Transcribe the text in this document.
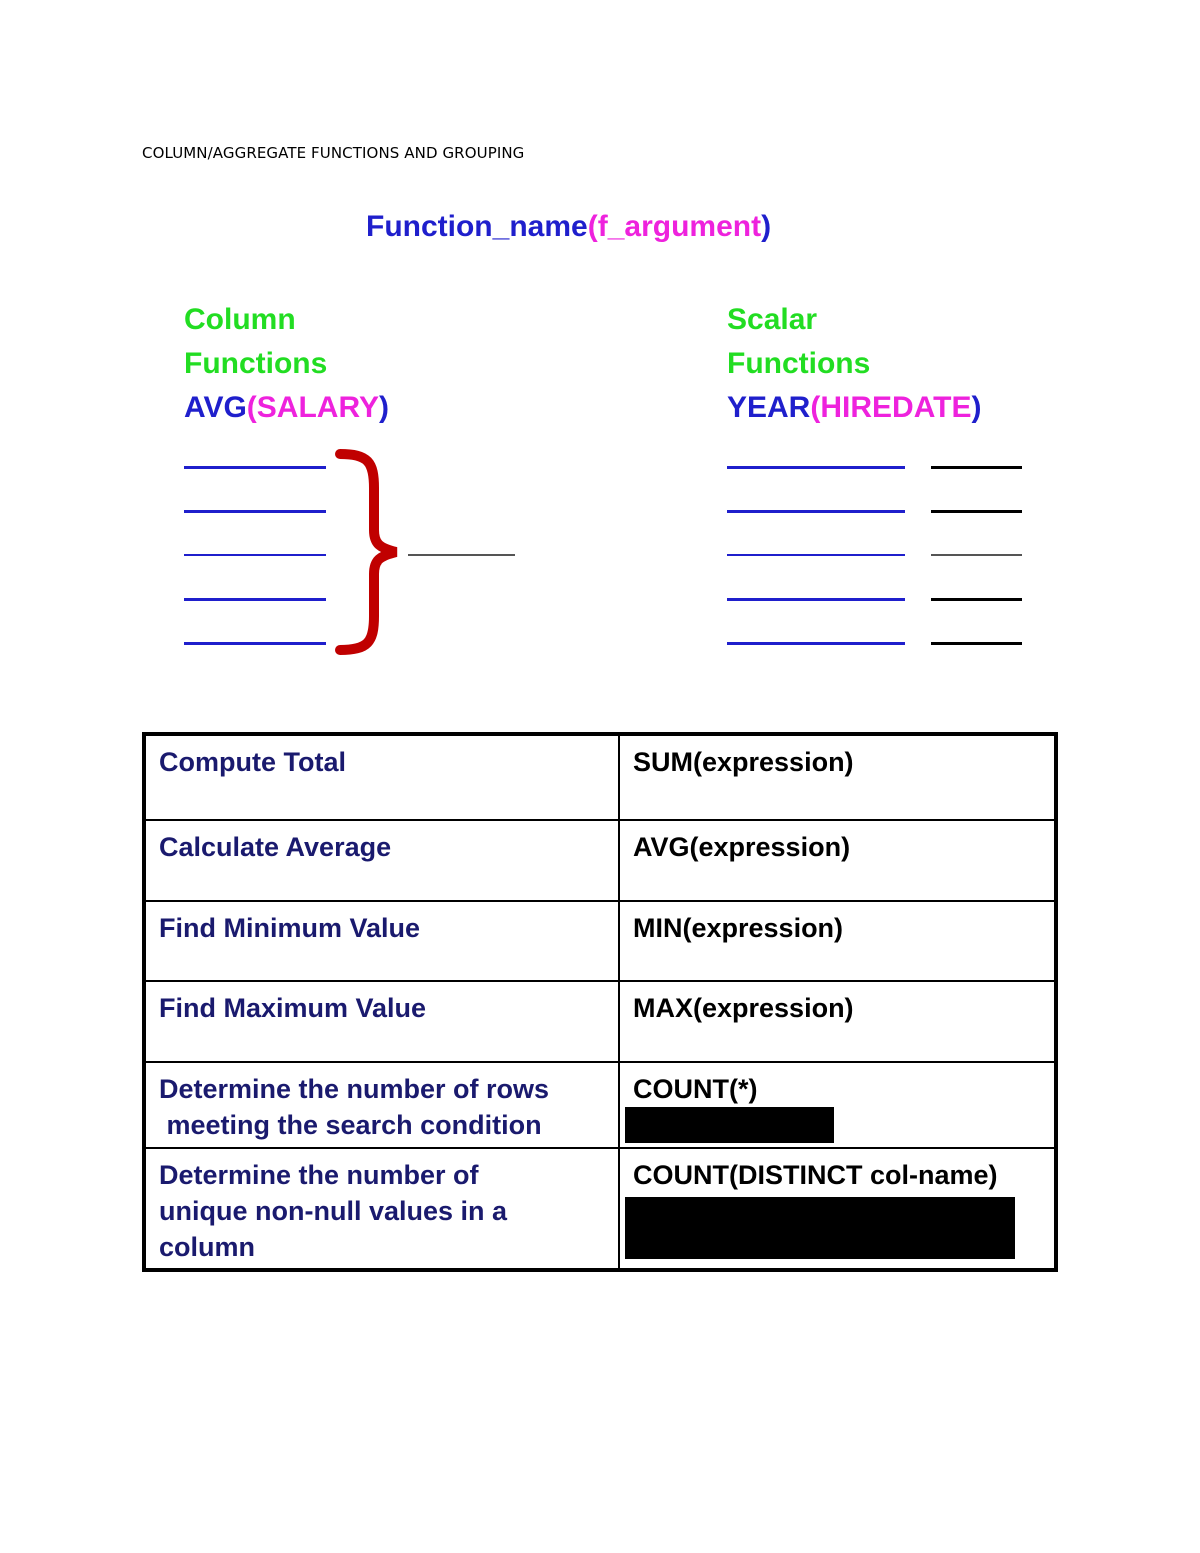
COLUMN/AGGREGATE FUNCTIONS AND GROUPING
Function_name(f_argument)
Column
Functions
AVG(SALARY)
Scalar
Functions
YEAR(HIREDATE)
Compute Total	SUM(expression)
Calculate Average	AVG(expression)
Find Minimum Value	MIN(expression)
Find Maximum Value	MAX(expression)
Determine the number of rows
meeting the search condition	COUNT(*)

Determine the number of
unique non-null values in a
column	COUNT(DISTINCT col-name)
